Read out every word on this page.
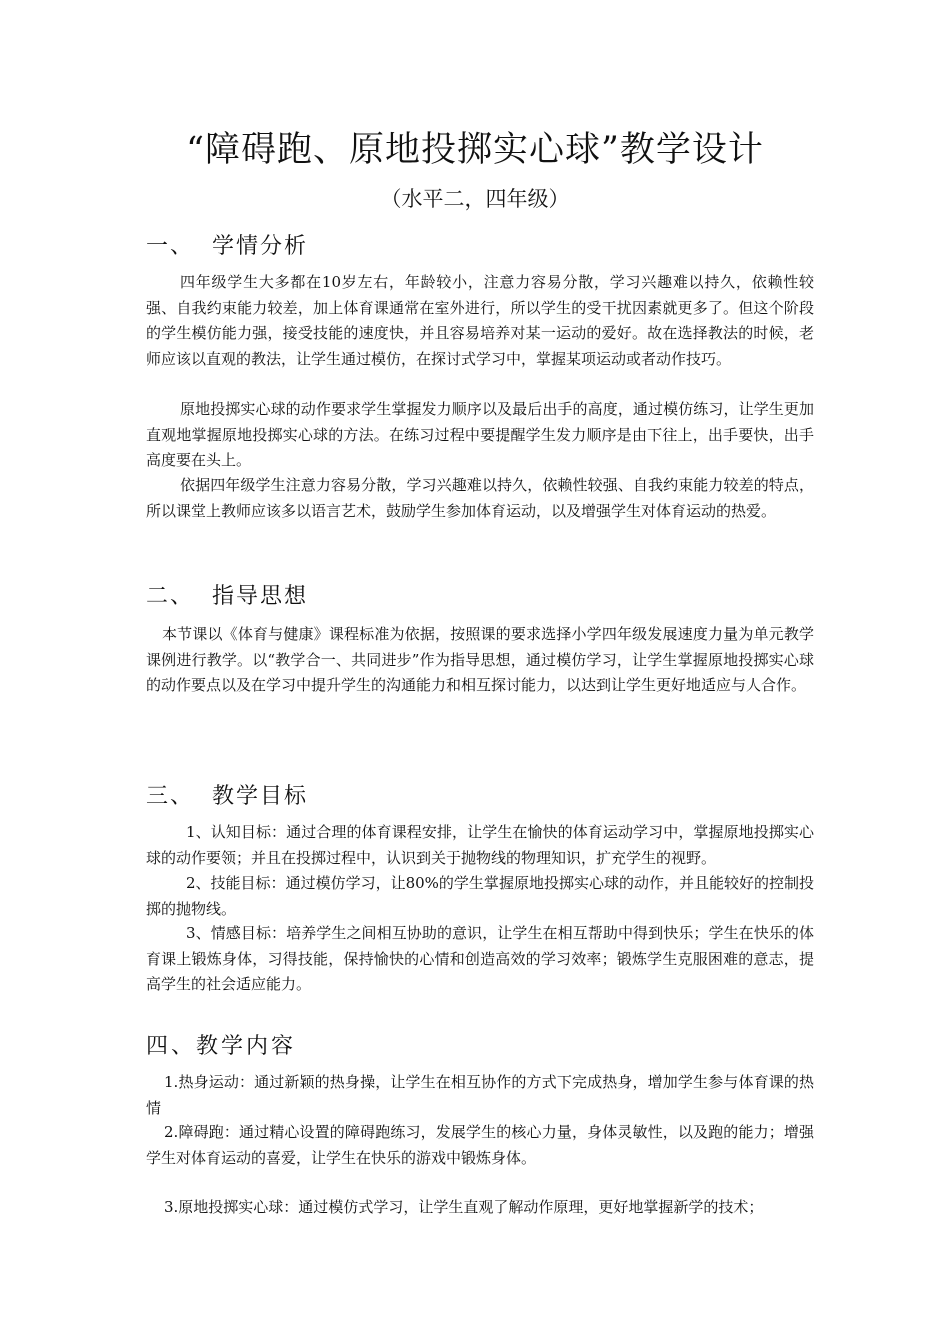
“障碍跑、原地投掷实心球”教学设计
（水平二，四年级）
一、 学情分析

四年级学生大多都在10岁左右，年龄较小，注意力容易分散，学习兴趣难以持久，依赖性较强、自我约束能力较差，加上体育课通常在室外进行，所以学生的受干扰因素就更多了。但这个阶段的学生模仿能力强，接受技能的速度快，并且容易培养对某一运动的爱好。故在选择教法的时候，老师应该以直观的教法，让学生通过模仿，在探讨式学习中，掌握某项运动或者动作技巧。

原地投掷实心球的动作要求学生掌握发力顺序以及最后出手的高度，通过模仿练习，让学生更加直观地掌握原地投掷实心球的方法。在练习过程中要提醒学生发力顺序是由下往上，出手要快，出手高度要在头上。

依据四年级学生注意力容易分散，学习兴趣难以持久，依赖性较强、自我约束能力较差的特点，所以课堂上教师应该多以语言艺术，鼓励学生参加体育运动，以及增强学生对体育运动的热爱。

二、 指导思想

本节课以《体育与健康》课程标准为依据，按照课的要求选择小学四年级发展速度力量为单元教学课例进行教学。以“教学合一、共同进步”作为指导思想，通过模仿学习，让学生掌握原地投掷实心球的动作要点以及在学习中提升学生的沟通能力和相互探讨能力，以达到让学生更好地适应与人合作。

三、 教学目标

1、认知目标：通过合理的体育课程安排，让学生在愉快的体育运动学习中，掌握原地投掷实心球的动作要领；并且在投掷过程中，认识到关于抛物线的物理知识，扩充学生的视野。

2、技能目标：通过模仿学习，让80%的学生掌握原地投掷实心球的动作，并且能较好的控制投掷的抛物线。

3、情感目标：培养学生之间相互协助的意识，让学生在相互帮助中得到快乐；学生在快乐的体育课上锻炼身体，习得技能，保持愉快的心情和创造高效的学习效率；锻炼学生克服困难的意志，提高学生的社会适应能力。

四、教学内容

1.热身运动：通过新颖的热身操，让学生在相互协作的方式下完成热身，增加学生参与体育课的热情

2.障碍跑：通过精心设置的障碍跑练习，发展学生的核心力量，身体灵敏性，以及跑的能力；增强学生对体育运动的喜爱，让学生在快乐的游戏中锻炼身体。

3.原地投掷实心球：通过模仿式学习，让学生直观了解动作原理，更好地掌握新学的技术；
